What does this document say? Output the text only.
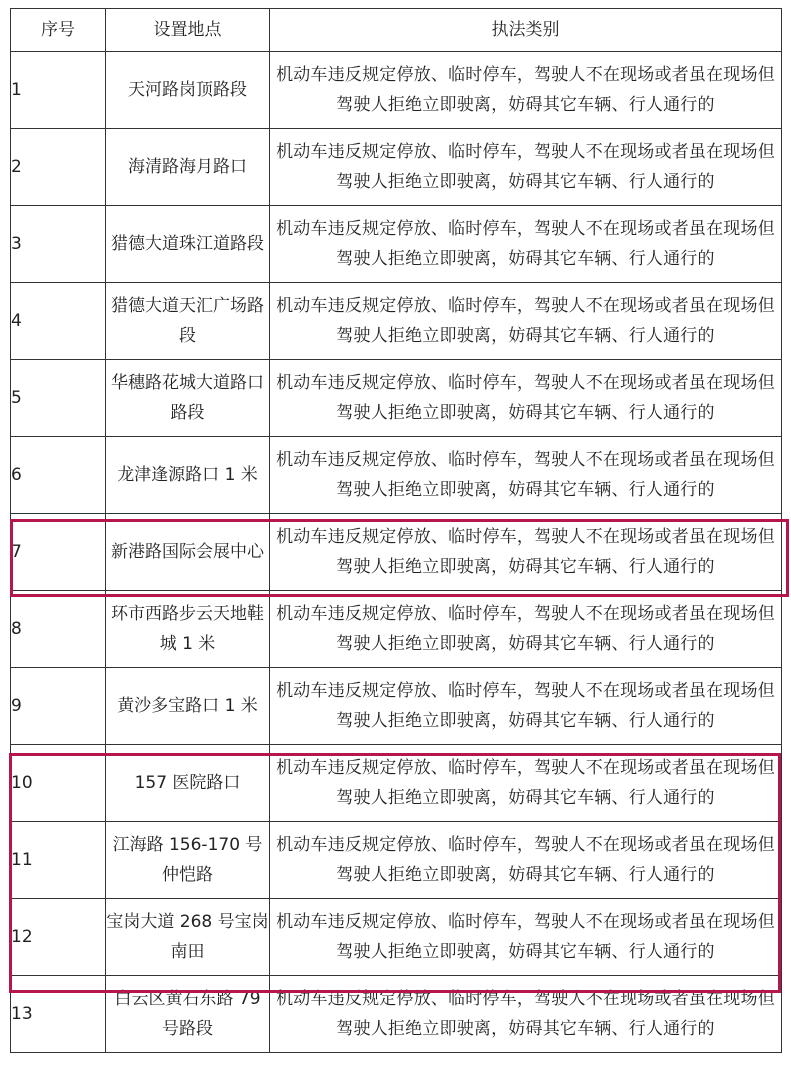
序号	设置地点	执法类别
1	天河路岗顶路段	机动车违反规定停放、临时停车，驾驶人不在现场或者虽在现场但驾驶人拒绝立即驶离，妨碍其它车辆、行人通行的
2	海清路海月路口	机动车违反规定停放、临时停车，驾驶人不在现场或者虽在现场但驾驶人拒绝立即驶离，妨碍其它车辆、行人通行的
3	猎德大道珠江道路段	机动车违反规定停放、临时停车，驾驶人不在现场或者虽在现场但驾驶人拒绝立即驶离，妨碍其它车辆、行人通行的
4	猎德大道天汇广场路段	机动车违反规定停放、临时停车，驾驶人不在现场或者虽在现场但驾驶人拒绝立即驶离，妨碍其它车辆、行人通行的
5	华穗路花城大道路口路段	机动车违反规定停放、临时停车，驾驶人不在现场或者虽在现场但驾驶人拒绝立即驶离，妨碍其它车辆、行人通行的
6	龙津逢源路口 1 米	机动车违反规定停放、临时停车，驾驶人不在现场或者虽在现场但驾驶人拒绝立即驶离，妨碍其它车辆、行人通行的
7	新港路国际会展中心	机动车违反规定停放、临时停车，驾驶人不在现场或者虽在现场但驾驶人拒绝立即驶离，妨碍其它车辆、行人通行的
8	环市西路步云天地鞋城 1 米	机动车违反规定停放、临时停车，驾驶人不在现场或者虽在现场但驾驶人拒绝立即驶离，妨碍其它车辆、行人通行的
9	黄沙多宝路口 1 米	机动车违反规定停放、临时停车，驾驶人不在现场或者虽在现场但驾驶人拒绝立即驶离，妨碍其它车辆、行人通行的
10	157 医院路口	机动车违反规定停放、临时停车，驾驶人不在现场或者虽在现场但驾驶人拒绝立即驶离，妨碍其它车辆、行人通行的
11	江海路 156-170 号仲恺路	机动车违反规定停放、临时停车，驾驶人不在现场或者虽在现场但驾驶人拒绝立即驶离，妨碍其它车辆、行人通行的
12	宝岗大道 268 号宝岗南田	机动车违反规定停放、临时停车，驾驶人不在现场或者虽在现场但驾驶人拒绝立即驶离，妨碍其它车辆、行人通行的
13	白云区黄石东路 79 号路段	机动车违反规定停放、临时停车，驾驶人不在现场或者虽在现场但驾驶人拒绝立即驶离，妨碍其它车辆、行人通行的
